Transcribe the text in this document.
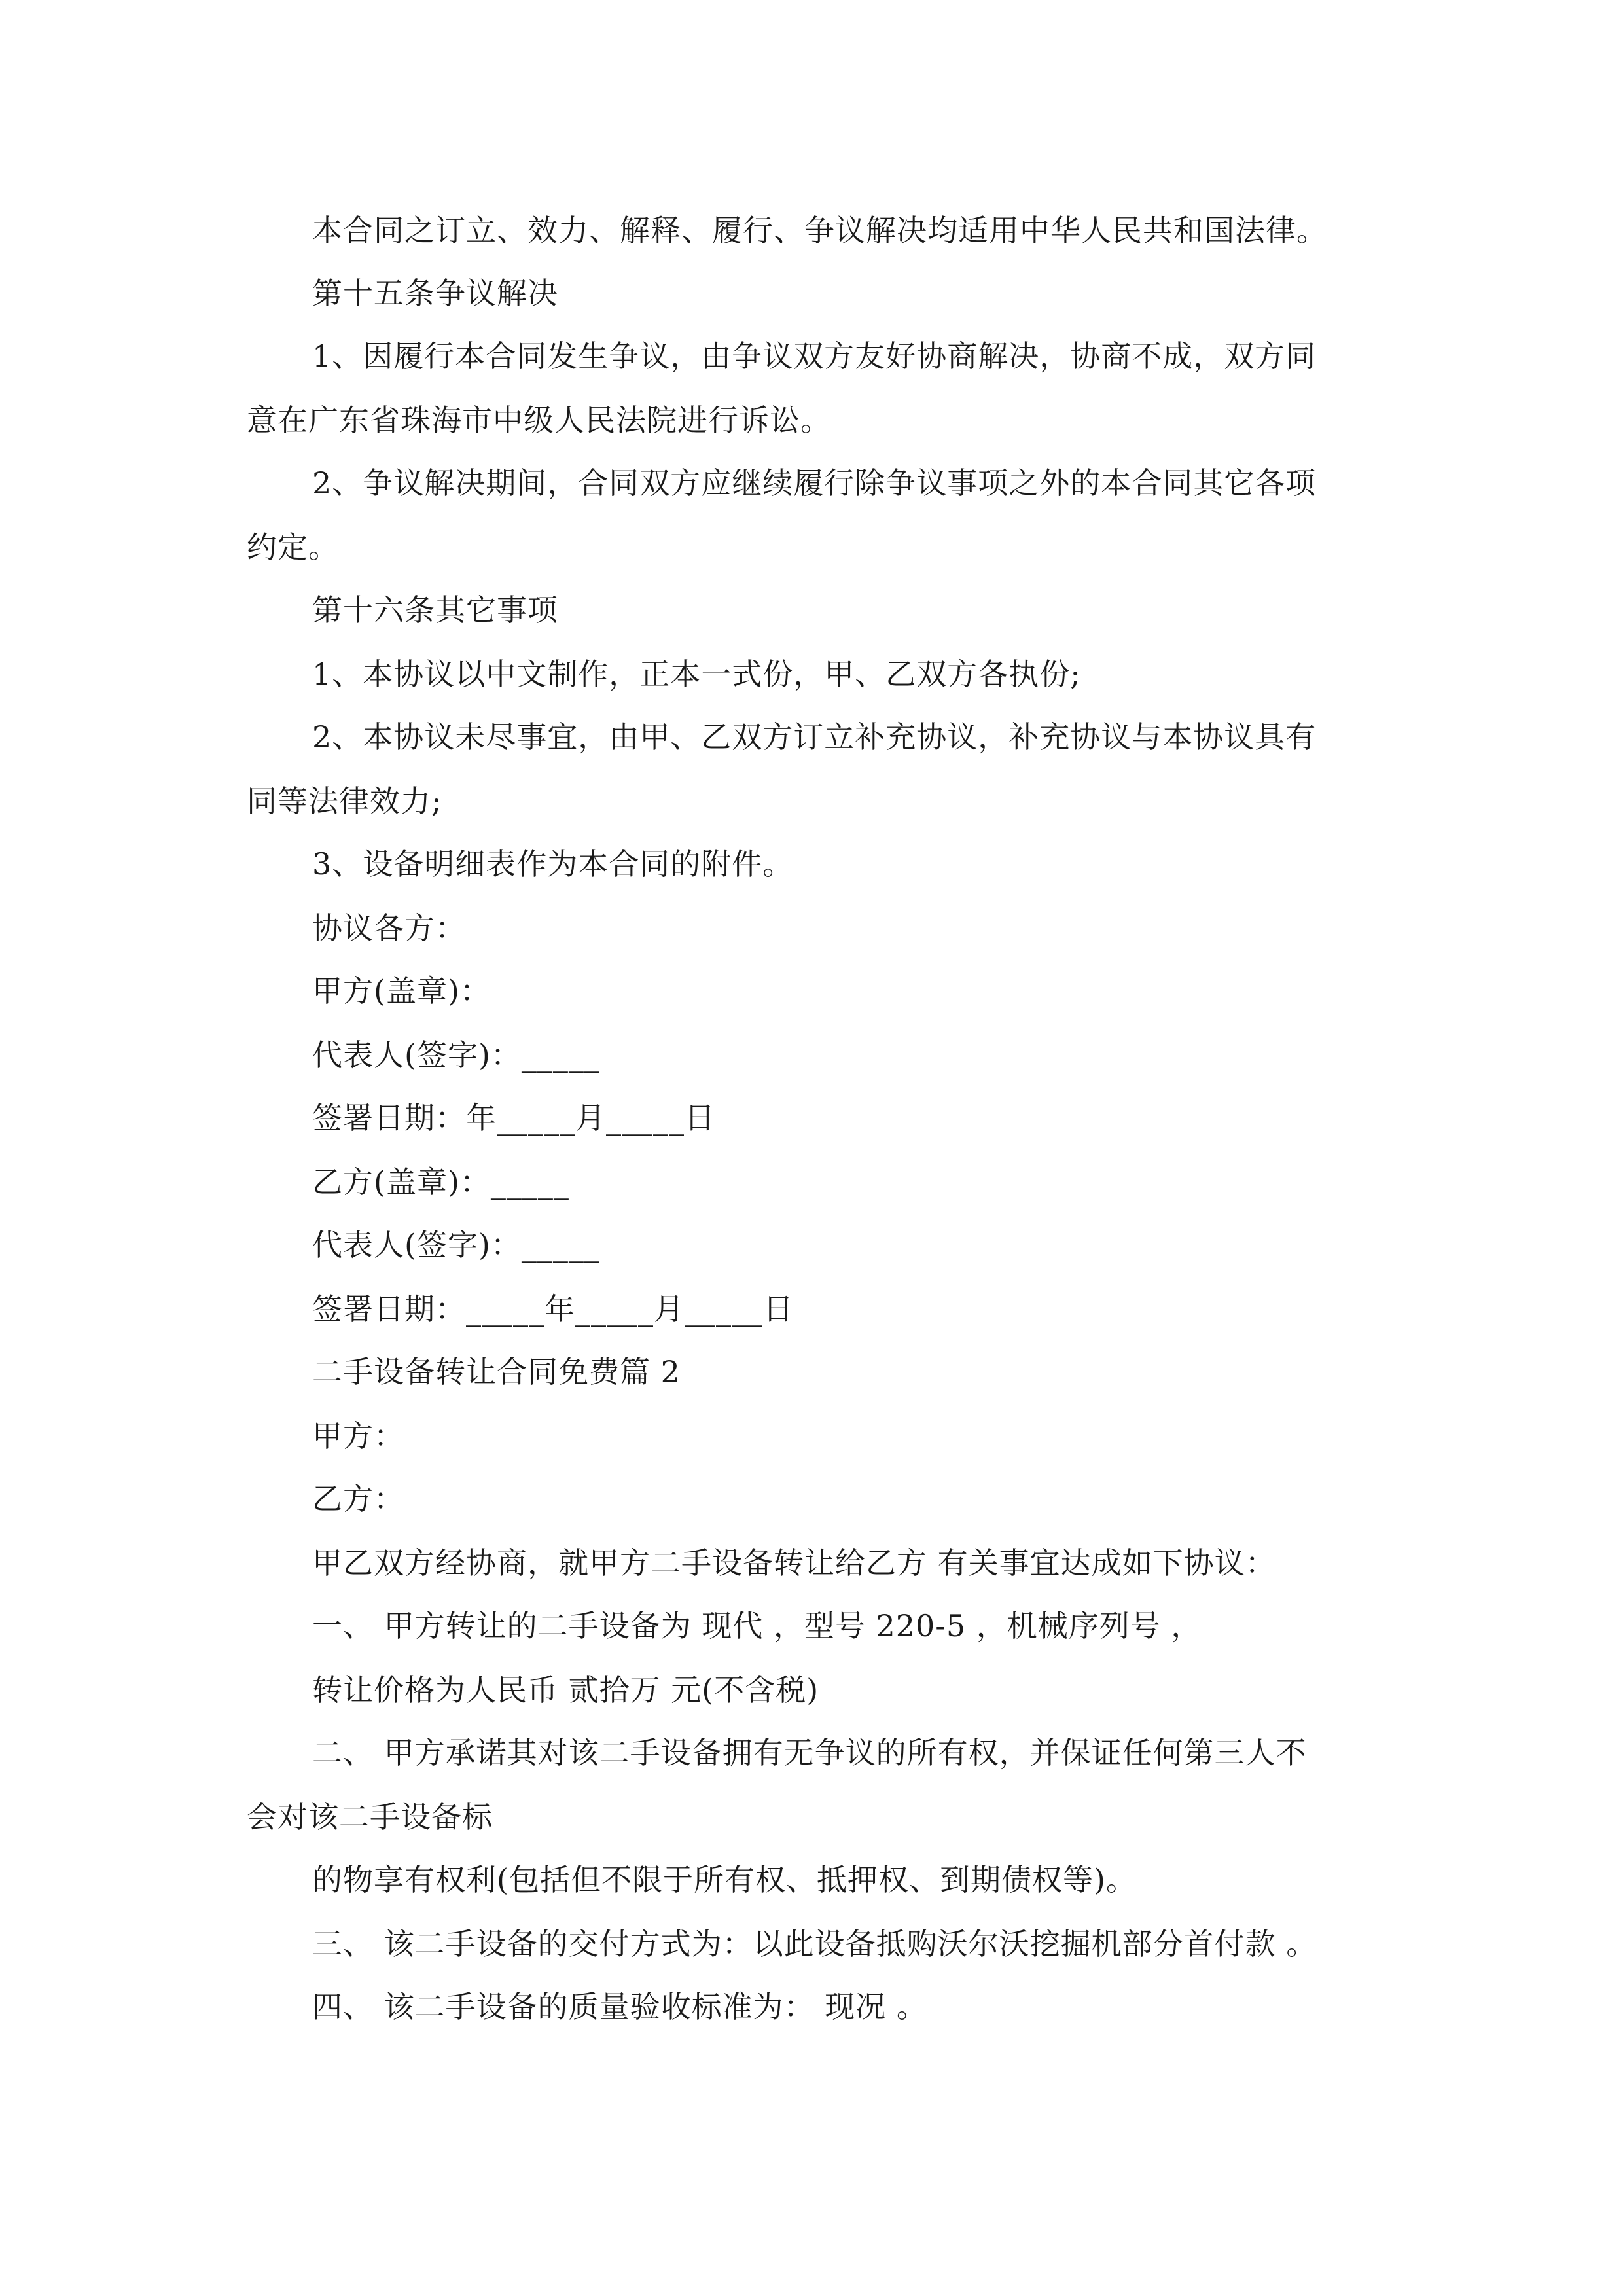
本合同之订立、效力、解释、履行、争议解决均适用中华人民共和国法律。
第十五条争议解决
1、因履行本合同发生争议，由争议双方友好协商解决，协商不成，双方同
意在广东省珠海市中级人民法院进行诉讼。
2、争议解决期间，合同双方应继续履行除争议事项之外的本合同其它各项
约定。
第十六条其它事项
1、本协议以中文制作，正本一式份，甲、乙双方各执份;
2、本协议未尽事宜，由甲、乙双方订立补充协议，补充协议与本协议具有
同等法律效力;
3、设备明细表作为本合同的附件。
协议各方：
甲方(盖章)：
代表人(签字)：_____
签署日期：年_____月_____日
乙方(盖章)：_____
代表人(签字)：_____
签署日期：_____年_____月_____日
二手设备转让合同免费篇 2
甲方：
乙方：
甲乙双方经协商，就甲方二手设备转让给乙方 有关事宜达成如下协议：
一、 甲方转让的二手设备为 现代 ，型号 220-5 ，机械序列号 ，
转让价格为人民币 贰拾万 元(不含税)
二、 甲方承诺其对该二手设备拥有无争议的所有权，并保证任何第三人不
会对该二手设备标
的物享有权利(包括但不限于所有权、抵押权、到期债权等)。
三、 该二手设备的交付方式为：以此设备抵购沃尔沃挖掘机部分首付款 。
四、 该二手设备的质量验收标准为： 现况 。
